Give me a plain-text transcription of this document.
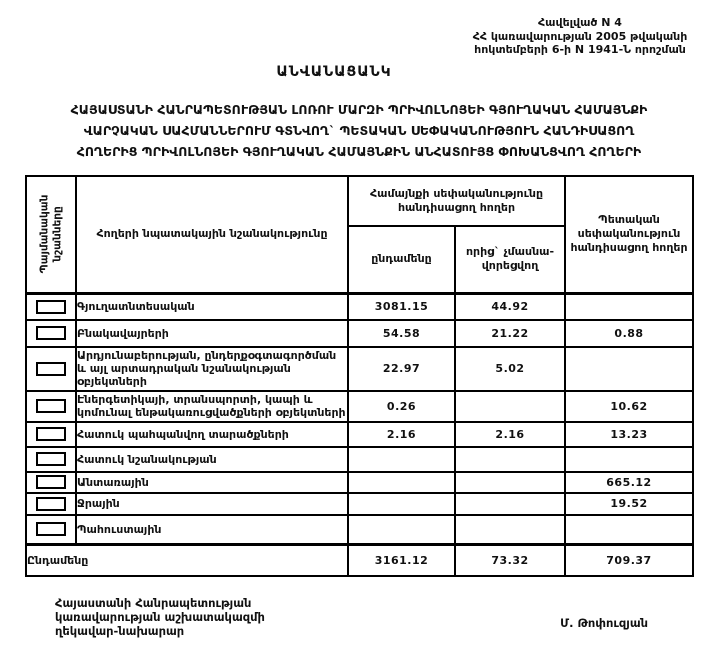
Հավելված N 4
ՀՀ կառավարության 2005 թվականի
հոկտեմբերի 6-ի N 1941-Ն որոշման
ԱՆՎԱՆԱՑԱՆԿ
ՀԱՅԱՍՏԱՆԻ ՀԱՆՐԱՊԵՏՈՒԹՅԱՆ ԼՈՌՈՒ ՄԱՐԶԻ ՊՐԻՎՈԼՆՈՅԵԻ ԳՅՈՒՂԱԿԱՆ ՀԱՄԱՅՆՔԻ
ՎԱՐՉԱԿԱՆ ՍԱՀՄԱՆՆԵՐՈՒՄ ԳՏՆՎՈՂ` ՊԵՏԱԿԱՆ ՍԵՓԱԿԱՆՈՒԹՅՈՒՆ ՀԱՆԴԻՍԱՑՈՂ
ՀՈՂԵՐԻՑ ՊՐԻՎՈԼՆՈՅԵԻ ԳՅՈՒՂԱԿԱՆ ՀԱՄԱՅՆՔԻՆ ԱՆՀԱՏՈՒՅՑ ՓՈԽԱՆՑՎՈՂ ՀՈՂԵՐԻ
Պայմանական նշանները	Հողերի նպատակային նշանակությունը	Համայնքի սեփականությունը հանդիսացող հողեր		Պետական սեփականություն հանդիսացող հողեր
		ընդամենը	որից` չմասնա-վորեցվող	

	Գյուղատնտեսական	3081.15	44.92	

	Բնակավայրերի	54.58	21.22	0.88

	Արդյունաբերության, ընդերքօգտագործման և այլ արտադրական նշանակության օբյեկտների	22.97	5.02	

	Էներգետիկայի, տրանսպորտի, կապի և կոմունալ ենթակառուցվածքների օբյեկտների	0.26		10.62

	Հատուկ պահպանվող տարածքների	2.16	2.16	13.23

	Հատուկ նշանակության			

	Անտառային			665.12

	Ջրային			19.52

	Պահուստային			
Ընդամենը		3161.12	73.32	709.37
Հայաստանի Հանրապետության
կառավարության աշխատակազմի
ղեկավար-նախարար
Մ. Թոփուզյան
